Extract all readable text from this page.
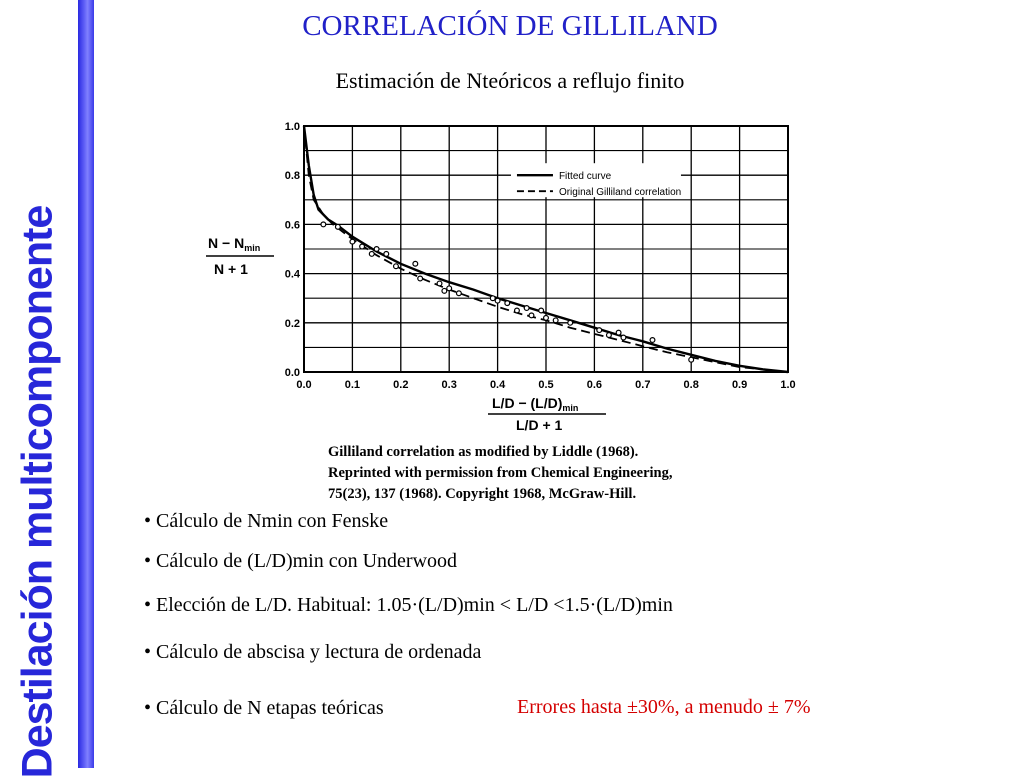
Destilación multicomponente
CORRELACIÓN DE GILLILAND
Estimación de Nteóricos a reflujo finito
0.0	0.1	0.2	0.3	0.4	0.5	0.6	0.7	0.8	0.9	1.0
0.0
0.2
0.4
0.6
0.8
1.0
Fitted curve
Original Gilliland correlation
$N - N_{min}$
N + 1
$L/D - (L/D)_{min}$
L/D + 1
Gilliland correlation as modified by Liddle (1968).
Reprinted with permission from Chemical Engineering,
75(23), 137 (1968). Copyright 1968, McGraw-Hill.
• Cálculo de Nmin con Fenske
• Cálculo de (L/D)min con Underwood
• Elección de L/D. Habitual: 1.05·(L/D)min < L/D <1.5·(L/D)min
• Cálculo de abscisa y lectura de ordenada
• Cálculo de N etapas teóricas	Errores hasta ±30%, a menudo ± 7%
